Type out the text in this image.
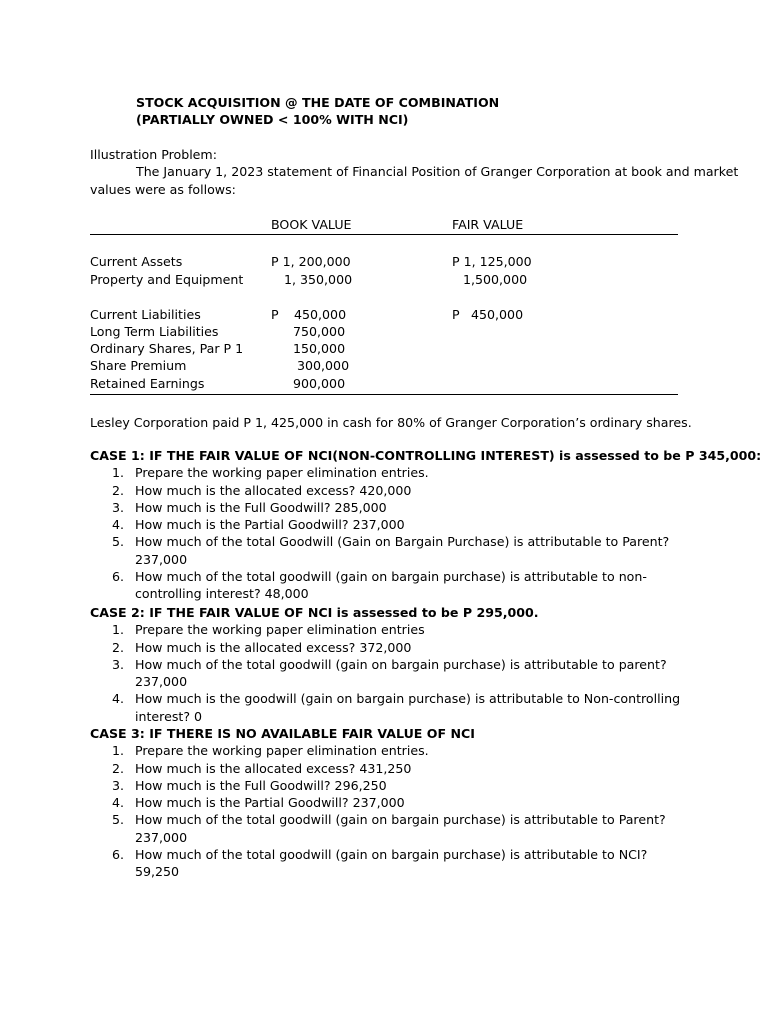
STOCK ACQUISITION @ THE DATE OF COMBINATION
(PARTIALLY OWNED < 100% WITH NCI)
Illustration Problem:
The January 1, 2023 statement of Financial Position of Granger Corporation at book and market
values were as follows:
BOOK VALUE	FAIR VALUE
Current Assets	P 1, 200,000	P 1, 125,000
Property and Equipment	1, 350,000	1,500,000
Current Liabilities	P 450,000	P 450,000
Long Term Liabilities	750,000
Ordinary Shares, Par P 1	150,000
Share Premium	300,000
Retained Earnings	900,000
Lesley Corporation paid P 1, 425,000 in cash for 80% of Granger Corporation’s ordinary shares.
CASE 1: IF THE FAIR VALUE OF NCI(NON-CONTROLLING INTEREST) is assessed to be P 345,000:
1. Prepare the working paper elimination entries.
2. How much is the allocated excess? 420,000
3. How much is the Full Goodwill? 285,000
4. How much is the Partial Goodwill? 237,000
5. How much of the total Goodwill (Gain on Bargain Purchase) is attributable to Parent? 237,000
6. How much of the total goodwill (gain on bargain purchase) is attributable to non-controlling interest? 48,000
CASE 2: IF THE FAIR VALUE OF NCI is assessed to be P 295,000.
1. Prepare the working paper elimination entries
2. How much is the allocated excess? 372,000
3. How much of the total goodwill (gain on bargain purchase) is attributable to parent? 237,000
4. How much is the goodwill (gain on bargain purchase) is attributable to Non-controlling interest? 0
CASE 3: IF THERE IS NO AVAILABLE FAIR VALUE OF NCI
1. Prepare the working paper elimination entries.
2. How much is the allocated excess? 431,250
3. How much is the Full Goodwill? 296,250
4. How much is the Partial Goodwill? 237,000
5. How much of the total goodwill (gain on bargain purchase) is attributable to Parent? 237,000
6. How much of the total goodwill (gain on bargain purchase) is attributable to NCI? 59,250
